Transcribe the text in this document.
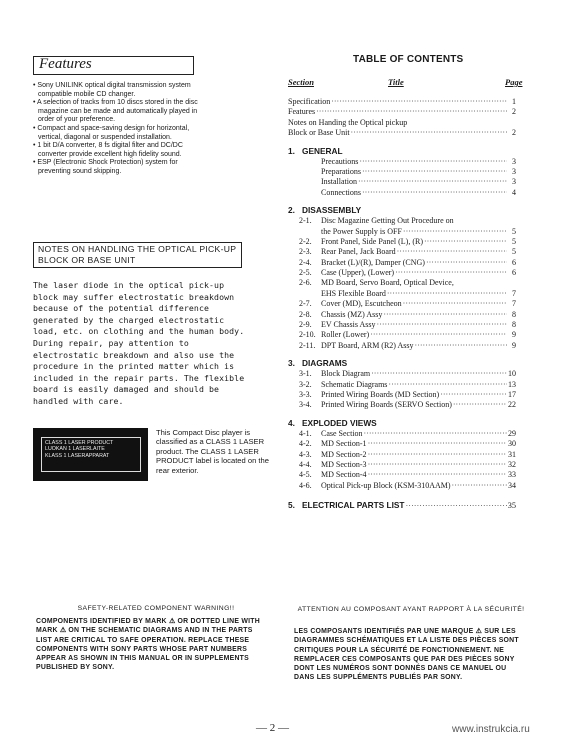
Features
• Sony UNILINK optical digital transmission system compatible mobile CD changer.
• A selection of tracks from 10 discs stored in the disc magazine can be made and automatically played in order of your preference.
• Compact and space-saving design for horizontal, vertical, diagonal or suspended installation.
• 1 bit D/A converter, 8 fs digital filter and DC/DC converter provide excellent high fidelity sound.
• ESP (Electronic Shock Protection) system for preventing sound skipping.
NOTES ON HANDLING THE OPTICAL PICK-UP BLOCK OR BASE UNIT
The laser diode in the optical pick-up block may suffer electrostatic breakdown because of the potential difference generated by the charged electrostatic load, etc. on clothing and the human body. During repair, pay attention to electrostatic breakdown and also use the procedure in the printed matter which is included in the repair parts. The flexible board is easily damaged and should be handled with care.
CLASS 1 LASER PRODUCT
LUOKAN 1 LASERLAITE
KLASS 1 LASERAPPARAT
This Compact Disc player is classified as a CLASS 1 LASER product. The CLASS 1 LASER PRODUCT label is located on the rear exterior.
TABLE OF CONTENTS
Section	Title	Page
Specification ·····	1
Features ·····	2
Notes on Handing the Optical pickup
Block or Base Unit ·····	2
1. GENERAL
Precautions ·····	3
Preparations ·····	3
Installation ·····	3
Connections ·····	4
2. DISASSEMBLY
2-1.	Disc Magazine Getting Out Procedure on
the Power Supply is OFF ·····	5
2-2.	Front Panel, Side Panel (L), (R) ·····	5
2-3.	Rear Panel, Jack Board ·····	5
2-4.	Bracket (L)/(R), Damper (CNG) ·····	6
2-5.	Case (Upper), (Lower) ·····	6
2-6.	MD Board, Servo Board, Optical Device,
EHS Flexible Board ·····	7
2-7.	Cover (MD), Escutcheon ·····	7
2-8.	Chassis (MZ) Assy ·····	8
2-9.	EV Chassis Assy ·····	8
2-10. Roller (Lower) ·····	9
2-11. DPT Board, ARM (R2) Assy ·····	9
3. DIAGRAMS
3-1.	Block Diagram ·····	10
3-2.	Schematic Diagrams ·····	13
3-3.	Printed Wiring Boards (MD Section) ·····	17
3-4.	Printed Wiring Boards (SERVO Section) ·····	22
4. EXPLODED VIEWS
4-1.	Case Section ·····	29
4-2.	MD Section-1 ·····	30
4-3.	MD Section-2 ·····	31
4-4.	MD Section-3 ·····	32
4-5.	MD Section-4 ·····	33
4-6.	Optical Pick-up Block (KSM-310AAM) ·····	34
5. ELECTRICAL PARTS LIST ·····	35
SAFETY-RELATED COMPONENT WARNING!!
COMPONENTS IDENTIFIED BY MARK ⚠ OR DOTTED LINE WITH MARK ⚠ ON THE SCHEMATIC DIAGRAMS AND IN THE PARTS LIST ARE CRITICAL TO SAFE OPERATION. REPLACE THESE COMPONENTS WITH SONY PARTS WHOSE PART NUMBERS APPEAR AS SHOWN IN THIS MANUAL OR IN SUPPLEMENTS PUBLISHED BY SONY.
ATTENTION AU COMPOSANT AYANT RAPPORT À LA SÉCURITÉ!
LES COMPOSANTS IDENTIFIÉS PAR UNE MARQUE ⚠ SUR LES DIAGRAMMES SCHÉMATIQUES ET LA LISTE DES PIÈCES SONT CRITIQUES POUR LA SÉCURITÉ DE FONCTIONNEMENT. NE REMPLACER CES COMPOSANTS QUE PAR DES PIÈCES SONY DONT LES NUMÉROS SONT DONNÉS DANS CE MANUEL OU DANS LES SUPPLÉMENTS PUBLIÉS PAR SONY.
— 2 —	www.instrukcia.ru
